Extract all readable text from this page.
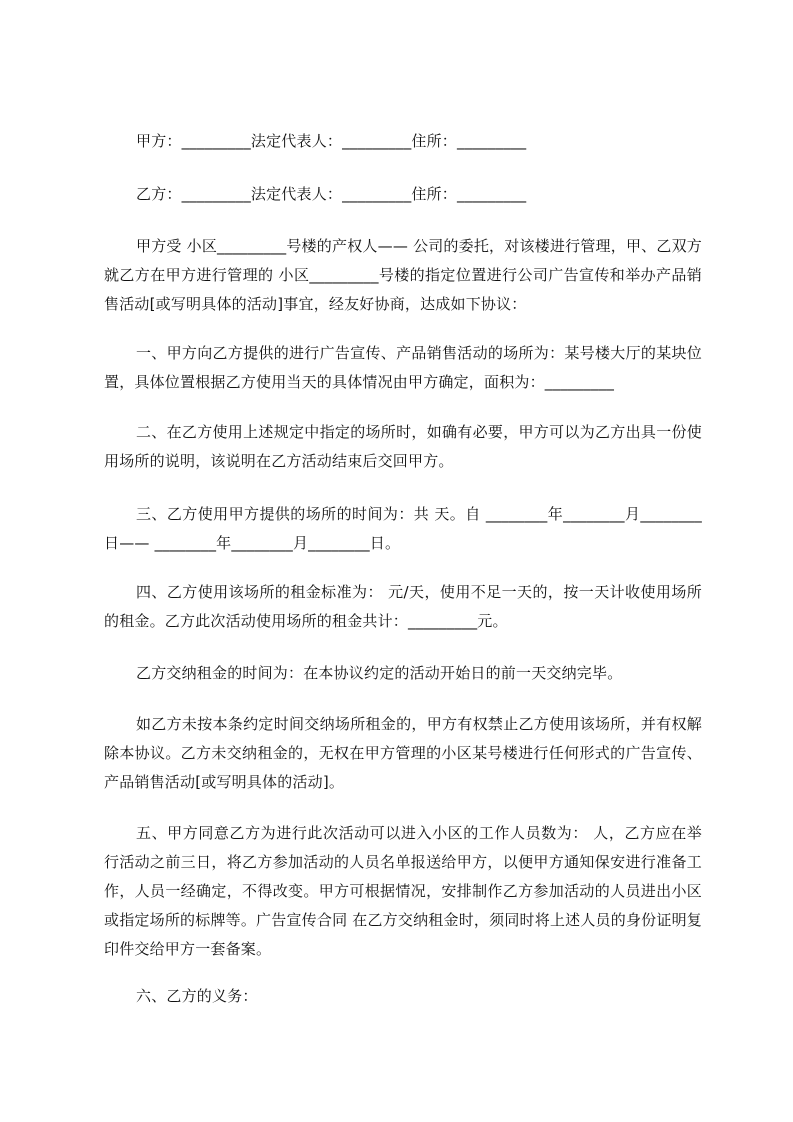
甲方：_________法定代表人：_________住所：_________
乙方：_________法定代表人：_________住所：_________
甲方受 小区_________号楼的产权人—— 公司的委托，对该楼进行管理，甲、乙双方就乙方在甲方进行管理的 小区_________号楼的指定位置进行公司广告宣传和举办产品销售活动[或写明具体的活动]事宜，经友好协商，达成如下协议：
一、甲方向乙方提供的进行广告宣传、产品销售活动的场所为：某号楼大厅的某块位置，具体位置根据乙方使用当天的具体情况由甲方确定，面积为：_________
二、在乙方使用上述规定中指定的场所时，如确有必要，甲方可以为乙方出具一份使用场所的说明，该说明在乙方活动结束后交回甲方。
三、乙方使用甲方提供的场所的时间为：共 天。自 ________年________月________日—— ________年________月________日。
四、乙方使用该场所的租金标准为： 元/天，使用不足一天的，按一天计收使用场所的租金。乙方此次活动使用场所的租金共计：_________元。
乙方交纳租金的时间为：在本协议约定的活动开始日的前一天交纳完毕。
如乙方未按本条约定时间交纳场所租金的，甲方有权禁止乙方使用该场所，并有权解除本协议。乙方未交纳租金的，无权在甲方管理的小区某号楼进行任何形式的广告宣传、产品销售活动[或写明具体的活动]。
五、甲方同意乙方为进行此次活动可以进入小区的工作人员数为： 人，乙方应在举行活动之前三日，将乙方参加活动的人员名单报送给甲方，以便甲方通知保安进行准备工作，人员一经确定，不得改变。甲方可根据情况，安排制作乙方参加活动的人员进出小区或指定场所的标牌等。广告宣传合同 在乙方交纳租金时，须同时将上述人员的身份证明复印件交给甲方一套备案。
六、乙方的义务：
